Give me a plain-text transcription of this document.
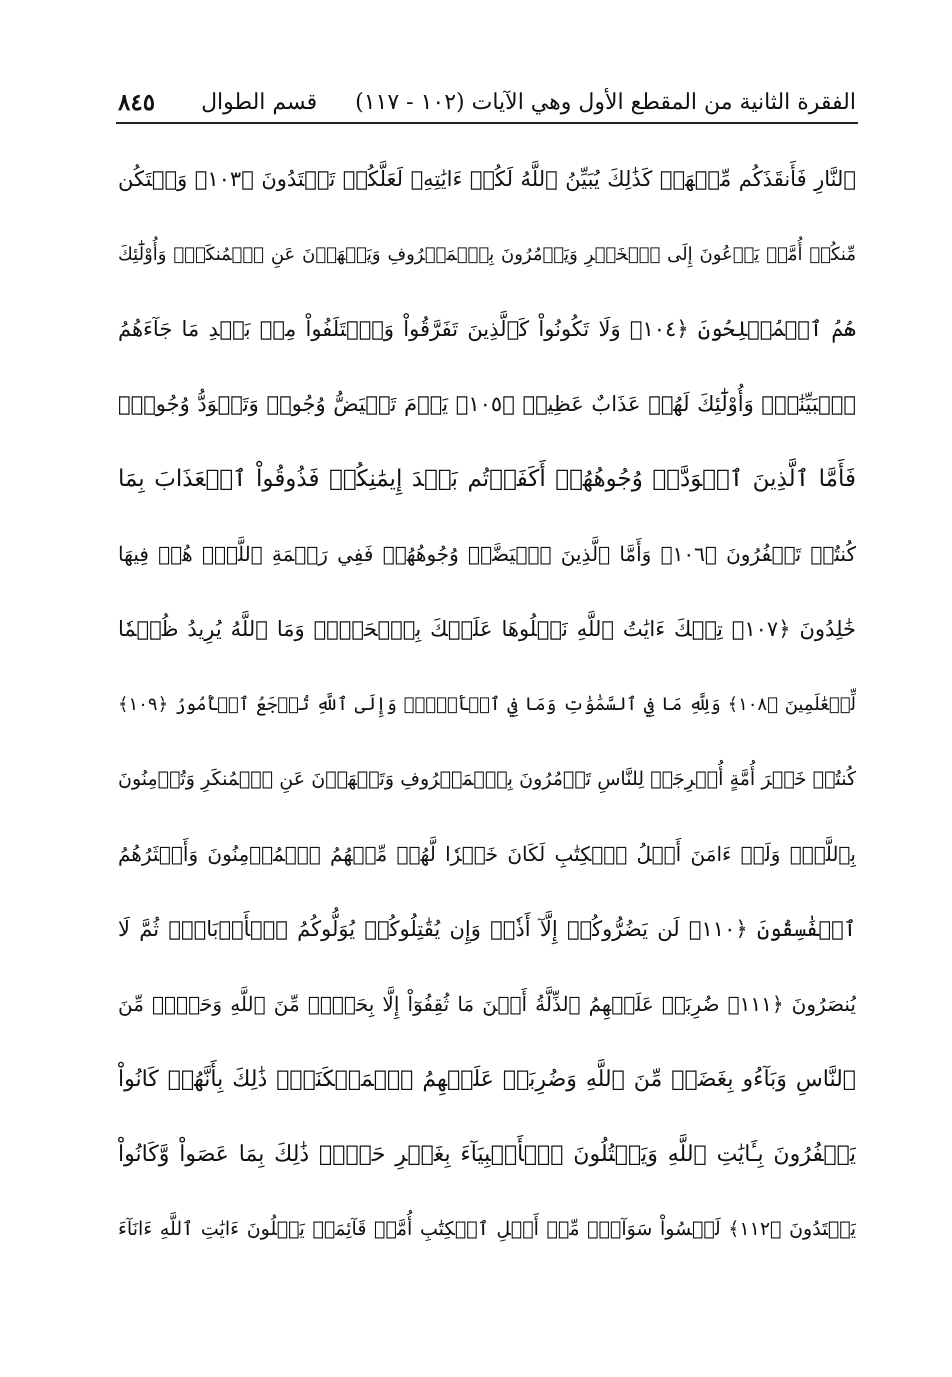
الفقرة الثانية من المقطع الأول وهي الآيات (١٠٢ - ١١٧)
قسم الطوال
٨٤٥
ٱلنَّارِ فَأَنقَذَكُم مِّنۡهَاۗ كَذَٰلِكَ يُبَيِّنُ ٱللَّهُ لَكُمۡ ءَايَٰتِهِۦ لَعَلَّكُمۡ تَهۡتَدُونَ ﴿١٠٣﴾ وَلۡتَكُن
مِّنكُمۡ أُمَّةٞ يَدۡعُونَ إِلَى ٱلۡخَيۡرِ وَيَأۡمُرُونَ بِٱلۡمَعۡرُوفِ وَيَنۡهَوۡنَ عَنِ ٱلۡمُنكَرِۚ وَأُوْلَٰٓئِكَ
هُمُ ٱلۡمُفۡلِحُونَ ﴿١٠٤﴾ وَلَا تَكُونُواْ كَٱلَّذِينَ تَفَرَّقُواْ وَٱخۡتَلَفُواْ مِنۢ بَعۡدِ مَا جَآءَهُمُ
ٱلۡبَيِّنَٰتُۚ وَأُوْلَٰٓئِكَ لَهُمۡ عَذَابٌ عَظِيمٞ ﴿١٠٥﴾ يَوۡمَ تَبۡيَضُّ وُجُوهٞ وَتَسۡوَدُّ وُجُوهٞۚ
فَأَمَّا ٱلَّذِينَ ٱسۡوَدَّتۡ وُجُوهُهُمۡ أَكَفَرۡتُم بَعۡدَ إِيمَٰنِكُمۡ فَذُوقُواْ ٱلۡعَذَابَ بِمَا
كُنتُمۡ تَكۡفُرُونَ ﴿١٠٦﴾ وَأَمَّا ٱلَّذِينَ ٱبۡيَضَّتۡ وُجُوهُهُمۡ فَفِي رَحۡمَةِ ٱللَّهِۖ هُمۡ فِيهَا
خَٰلِدُونَ ﴿١٠٧﴾ تِلۡكَ ءَايَٰتُ ٱللَّهِ نَتۡلُوهَا عَلَيۡكَ بِٱلۡحَقِّۗ وَمَا ٱللَّهُ يُرِيدُ ظُلۡمٗا
لِّلۡعَٰلَمِينَ ﴿١٠٨﴾ وَلِلَّهِ مَا فِي ٱلسَّمَٰوَٰتِ وَمَا فِي ٱلۡأَرۡضِۚ وَإِلَى ٱللَّهِ تُرۡجَعُ ٱلۡأُمُورُ ﴿١٠٩﴾
كُنتُمۡ خَيۡرَ أُمَّةٍ أُخۡرِجَتۡ لِلنَّاسِ تَأۡمُرُونَ بِٱلۡمَعۡرُوفِ وَتَنۡهَوۡنَ عَنِ ٱلۡمُنكَرِ وَتُؤۡمِنُونَ
بِٱللَّهِۗ وَلَوۡ ءَامَنَ أَهۡلُ ٱلۡكِتَٰبِ لَكَانَ خَيۡرٗا لَّهُمۚ مِّنۡهُمُ ٱلۡمُؤۡمِنُونَ وَأَكۡثَرُهُمُ
ٱلۡفَٰسِقُونَ ﴿١١٠﴾ لَن يَضُرُّوكُمۡ إِلَّآ أَذٗىۖ وَإِن يُقَٰتِلُوكُمۡ يُوَلُّوكُمُ ٱلۡأَدۡبَارَۖ ثُمَّ لَا
يُنصَرُونَ ﴿١١١﴾ ضُرِبَتۡ عَلَيۡهِمُ ٱلذِّلَّةُ أَيۡنَ مَا ثُقِفُوٓاْ إِلَّا بِحَبۡلٖ مِّنَ ٱللَّهِ وَحَبۡلٖ مِّنَ
ٱلنَّاسِ وَبَآءُو بِغَضَبٖ مِّنَ ٱللَّهِ وَضُرِبَتۡ عَلَيۡهِمُ ٱلۡمَسۡكَنَةُۚ ذَٰلِكَ بِأَنَّهُمۡ كَانُواْ
يَكۡفُرُونَ بِـَٔايَٰتِ ٱللَّهِ وَيَقۡتُلُونَ ٱلۡأَنۢبِيَآءَ بِغَيۡرِ حَقّٖۚ ذَٰلِكَ بِمَا عَصَواْ وَّكَانُواْ
يَعۡتَدُونَ ﴿١١٢﴾ لَيۡسُواْ سَوَآءٗۗ مِّنۡ أَهۡلِ ٱلۡكِتَٰبِ أُمَّةٞ قَآئِمَةٞ يَتۡلُونَ ءَايَٰتِ ٱللَّهِ ءَانَآءَ
